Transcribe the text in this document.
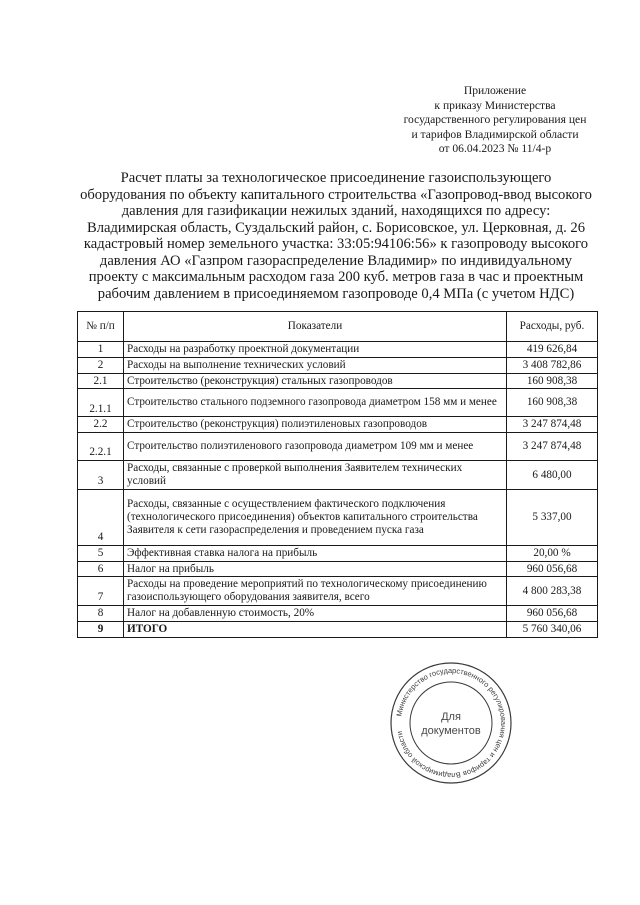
Приложение
к приказу Министерства
государственного регулирования цен
и тарифов Владимирской области
от 06.04.2023 № 11/4-р
Расчет платы за технологическое присоединение газоиспользующего
оборудования по объекту капитального строительства «Газопровод-ввод высокого
давления для газификации нежилых зданий, находящихся по адресу:
Владимирская область, Суздальский район, с. Борисовское, ул. Церковная, д. 26
кадастровый номер земельного участка: 33:05:94106:56» к газопроводу высокого
давления АО «Газпром газораспределение Владимир» по индивидуальному
проекту с максимальным расходом газа 200 куб. метров газа в час и проектным
рабочим давлением в присоединяемом газопроводе 0,4 МПа (с учетом НДС)
№ п/п	Показатели	Расходы, руб.
1	Расходы на разработку проектной документации	419 626,84
2	Расходы на выполнение технических условий	3 408 782,86
2.1	Строительство (реконструкция) стальных газопроводов	160 908,38
2.1.1	Строительство стального подземного газопровода диаметром 158 мм и менее	160 908,38
2.2	Строительство (реконструкция) полиэтиленовых газопроводов	3 247 874,48
2.2.1	Строительство полиэтиленового газопровода диаметром 109 мм и менее	3 247 874,48
3	Расходы, связанные с проверкой выполнения Заявителем технических условий	6 480,00
4	Расходы, связанные с осуществлением фактического подключения (технологического присоединения) объектов капитального строительства Заявителя к сети газораспределения и проведением пуска газа	5 337,00
5	Эффективная ставка налога на прибыль	20,00 %
6	Налог на прибыль	960 056,68
7	Расходы на проведение мероприятий по технологическому присоединению газоиспользующего оборудования заявителя, всего	4 800 283,38
8	Налог на добавленную стоимость, 20%	960 056,68
9	ИТОГО	5 760 340,06
Министерство государственного регулирования цен и тарифов Владимирской области
Для
документов
